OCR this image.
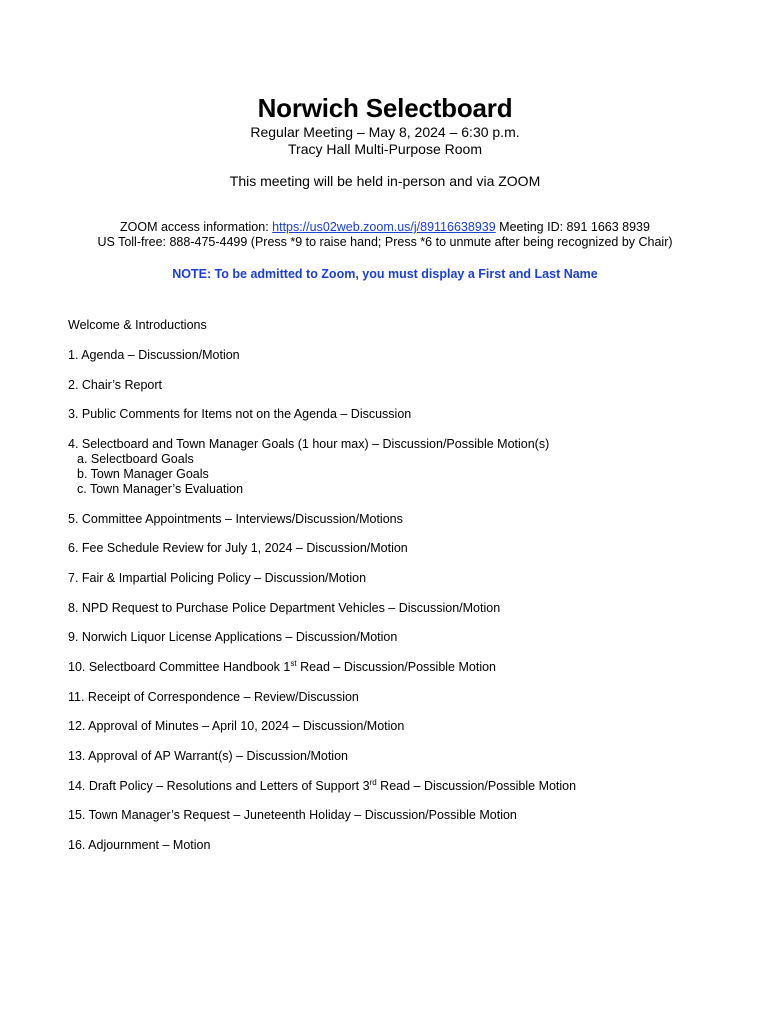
Norwich Selectboard
Regular Meeting – May 8, 2024 – 6:30 p.m.
Tracy Hall Multi-Purpose Room
This meeting will be held in-person and via ZOOM
ZOOM access information: https://us02web.zoom.us/j/89116638939 Meeting ID: 891 1663 8939
US Toll-free: 888-475-4499 (Press *9 to raise hand; Press *6 to unmute after being recognized by Chair)
NOTE: To be admitted to Zoom, you must display a First and Last Name
Welcome & Introductions
1. Agenda – Discussion/Motion
2. Chair’s Report
3. Public Comments for Items not on the Agenda – Discussion
4. Selectboard and Town Manager Goals (1 hour max) – Discussion/Possible Motion(s)
a. Selectboard Goals
b. Town Manager Goals
c. Town Manager’s Evaluation
5. Committee Appointments – Interviews/Discussion/Motions
6. Fee Schedule Review for July 1, 2024 – Discussion/Motion
7. Fair & Impartial Policing Policy – Discussion/Motion
8. NPD Request to Purchase Police Department Vehicles – Discussion/Motion
9. Norwich Liquor License Applications – Discussion/Motion
10. Selectboard Committee Handbook 1st Read – Discussion/Possible Motion
11. Receipt of Correspondence – Review/Discussion
12. Approval of Minutes – April 10, 2024 – Discussion/Motion
13. Approval of AP Warrant(s) – Discussion/Motion
14. Draft Policy – Resolutions and Letters of Support 3rd Read – Discussion/Possible Motion
15. Town Manager’s Request – Juneteenth Holiday – Discussion/Possible Motion
16. Adjournment – Motion
